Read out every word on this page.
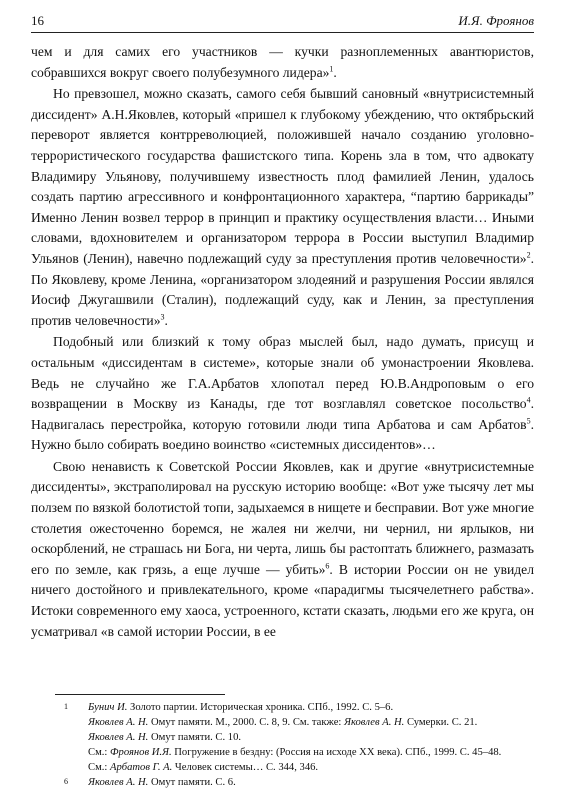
16	И.Я. Фроянов

чем и для самих его участников — кучки разноплеменных авантюристов, собравшихся вокруг своего полубезумного лидера»$^1$.

Но превзошел, можно сказать, самого себя бывший сановный «внутрисистемный диссидент» А.Н.Яковлев, который «пришел к глубокому убеждению, что октябрьский переворот является контрреволюцией, положившей начало созданию уголовно-террористического государства фашистского типа. Корень зла в том, что адвокату Владимиру Ульянову, получившему известность плод фамилией Ленин, удалось создать партию агрессивного и конфронтационного характера, “партию баррикады” Именно Ленин возвел террор в принцип и практику осуществления власти… Иными словами, вдохновителем и организатором террора в России выступил Владимир Ульянов (Ленин), навечно подлежащий суду за преступления против человечности»$^2$. По Яковлеву, кроме Ленина, «организатором злодеяний и разрушения России являлся Иосиф Джугашвили (Сталин), подлежащий суду, как и Ленин, за преступления против человечности»$^3$.

Подобный или близкий к тому образ мыслей был, надо думать, присущ и остальным «диссидентам в системе», которые знали об умонастроении Яковлева. Ведь не случайно же Г.А.Арбатов хлопотал перед Ю.В.Андроповым о его возвращении в Москву из Канады, где тот возглавлял советское посольство$^4$. Надвигалась перестройка, которую готовили люди типа Арбатова и сам Арбатов$^5$. Нужно было собирать воедино воинство «системных диссидентов»…

Свою ненависть к Советской России Яковлев, как и другие «внутрисистемные диссиденты», экстраполировал на русскую историю вообще: «Вот уже тысячу лет мы ползем по вязкой болотистой топи, задыхаемся в нищете и бесправии. Вот уже многие столетия ожесточенно боремся, не жалея ни желчи, ни чернил, ни ярлыков, ни оскорблений, не страшась ни Бога, ни черта, лишь бы растоптать ближнего, размазать его по земле, как грязь, а еще лучше — убить»$^6$. В истории России он не увидел ничего достойного и привлекательного, кроме «парадигмы тысячелетнего рабства». Истоки современного ему хаоса, устроенного, кстати сказать, людьми его же круга, он усматривал «в самой истории России, в ее

1 Бунич И. Золото партии. Историческая хроника. СПб., 1992. С. 5–6.
Яковлев А. Н. Омут памяти. М., 2000. С. 8, 9. См. также: Яковлев А. Н. Сумерки. С. 21.
Яковлев А. Н. Омут памяти. С. 10.
См.: Фроянов И.Я. Погружение в бездну: (Россия на исходе XX века). СПб., 1999. С. 45–48.
См.: Арбатов Г. А. Человек системы… С. 344, 346.
6 Яковлев А. Н. Омут памяти. С. 6.
